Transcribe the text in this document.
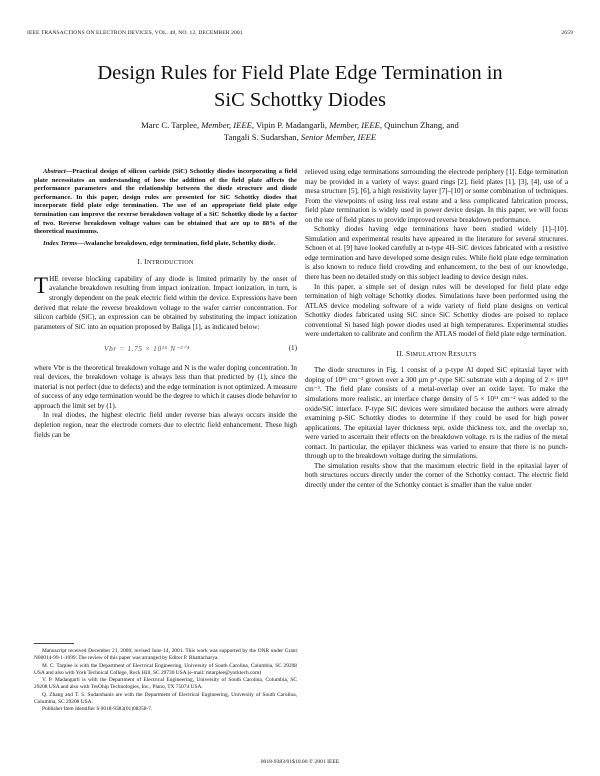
IEEE TRANSACTIONS ON ELECTRON DEVICES, VOL. 48, NO. 12, DECEMBER 2001	2659
Design Rules for Field Plate Edge Termination in
SiC Schottky Diodes
Marc C. Tarplee, Member, IEEE, Vipin P. Madangarli, Member, IEEE, Quinchun Zhang, and
Tangali S. Sudarshan, Senior Member, IEEE
Abstract—Practical design of silicon carbide (SiC) Schottky diodes incorporating a field plate necessitates an understanding of how the addition of the field plate affects the performance parameters and the relationship between the diode structure and diode performance. In this paper, design rules are presented for SiC Schottky diodes that incorporate field plate edge termination. The use of an appropriate field plate edge termination can improve the reverse breakdown voltage of a SiC Schottky diode by a factor of two. Reverse breakdown voltage values can be obtained that are up to 88% of the theoretical maximums.
Index Terms—Avalanche breakdown, edge termination, field plate, Schottky diode.
I. INTRODUCTION

THE reverse blocking capability of any diode is limited primarily by the onset of avalanche breakdown resulting from impact ionization. Impact ionization, in turn, is strongly dependent on the peak electric field within the device. Expressions have been derived that relate the reverse breakdown voltage to the wafer carrier concentration. For silicon carbide (SiC), an expression can be obtained by substituting the impact ionization parameters of SiC into an equation proposed by Baliga [1], as indicated below:

Vbr = 1.75 × 10¹⁵ N⁻³ᐟ⁴	(1)

where Vbr is the theoretical breakdown voltage and N is the wafer doping concentration. In real devices, the breakdown voltage is always less than that predicted by (1), since the material is not perfect (due to defects) and the edge termination is not optimized. A measure of success of any edge termination would be the degree to which it causes diode behavior to approach the limit set by (1).

In real diodes, the highest electric field under reverse bias always occurs inside the depletion region, near the electrode corners due to electric field enhancement. These high fields can be

relieved using edge terminations surrounding the electrode periphery [1]. Edge termination may be provided in a variety of ways: guard rings [2], field plates [1], [3], [4], use of a mesa structure [5], [6], a high resistivity layer [7]–[10] or some combination of techniques. From the viewpoints of using less real estate and a less complicated fabrication process, field plate termination is widely used in power device design. In this paper, we will focus on the use of field plates to provide improved reverse breakdown performance.

Schottky diodes having edge terminations have been studied widely [1]–[10]. Simulation and experimental results have appeared in the literature for several structures. Schoen et al. [9] have looked carefully at n-type 4H–SiC devices fabricated with a resistive edge termination and have developed some design rules. While field plate edge termination is also known to reduce field crowding and enhancement, to the best of our knowledge, there has been no detailed study on this subject leading to device design rules.

In this paper, a simple set of design rules will be developed for field plate edge termination of high voltage Schottky diodes. Simulations have been performed using the ATLAS device modeling software of a wide variety of field plate designs on vertical Schottky diodes fabricated using SiC since SiC Schottky diodes are poised to replace conventional Si based high power diodes used at high temperatures. Experimental studies were undertaken to calibrate and confirm the ATLAS model of field plate edge termination.

II. SIMULATION RESULTS

The diode structures in Fig. 1 consist of a p-type Al doped SiC epitaxial layer with doping of 10¹⁶ cm⁻³ grown over a 300 µm p⁺-type SiC substrate with a doping of 2 × 10¹⁸ cm⁻³. The field plate consists of a metal-overlap over an oxide layer. To make the simulations more realistic, an interface charge density of 5 × 10¹¹ cm⁻² was added to the oxide/SiC interface. P-type SiC devices were simulated because the authors were already examining p-SiC Schottky diodes to determine if they could be used for high power applications. The epitaxial layer thickness tepi, oxide thickness tox, and the overlap xo, were varied to ascertain their effects on the breakdown voltage. rs is the radius of the metal contact. In particular, the epilayer thickness was varied to ensure that there is no punch-through up to the breakdown voltage during the simulations.

The simulation results show that the maximum electric field in the epitaxial layer of both structures occurs directly under the corner of the Schottky contact. The electric field directly under the center of the Schottky contact is smaller than the value under

Manuscript received December 21, 2000; revised June 14, 2001. This work was supported by the ONR under Grant N00014-99-1-1099. The review of this paper was arranged by Editor P. Bhattacharya.

M. C. Tarplee is with the Department of Electrical Engineering, University of South Carolina, Columbia, SC 29208 USA and also with York Technical College, Rock Hill, SC 29730 USA (e-mail: mtarplee@yorktech.com)

V. P. Madangarli is with the Department of Electrical Engineering, University of South Carolina, Columbia, SC 29208 USA and also with TesOhip Technologies, Inc., Plano, TX 75074 USA.

Q. Zhang and T. S. Sudarshanis are with the Department of Electrical Engineering, University of South Carolina, Columbia, SC 29208 USA.

Publisher Item Identifier S 0018-9383(01)08358-7.

0018-9383/01$10.00 © 2001 IEEE
